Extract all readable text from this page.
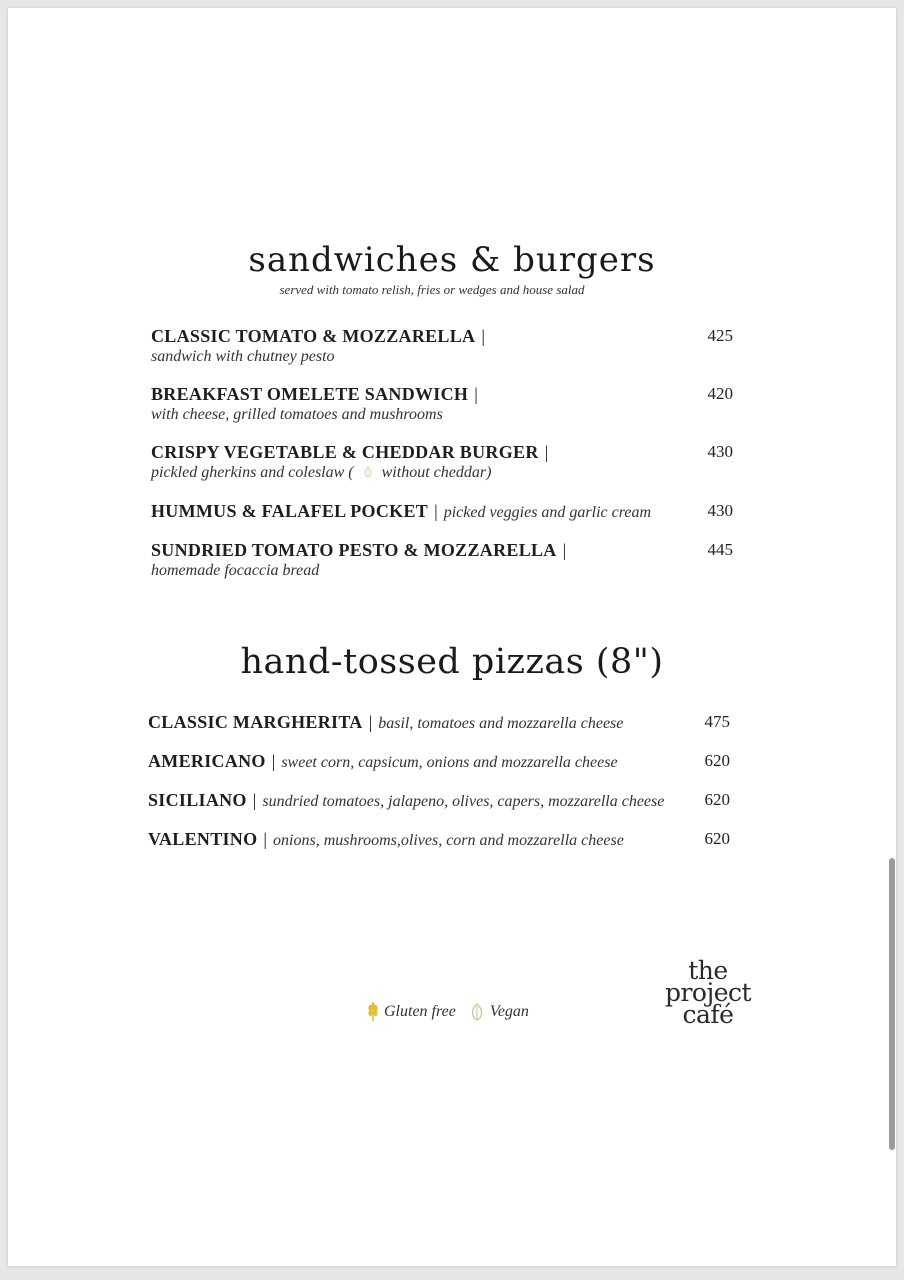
sandwiches & burgers
served with tomato relish, fries or wedges and house salad
CLASSIC TOMATO & MOZZARELLA |
sandwich with chutney pesto
425
BREAKFAST OMELETE SANDWICH |
with cheese, grilled tomatoes and mushrooms
420
CRISPY VEGETABLE & CHEDDAR BURGER |
pickled gherkins and coleslaw ( without cheddar)
430
HUMMUS & FALAFEL POCKET | picked veggies and garlic cream	430
SUNDRIED TOMATO PESTO & MOZZARELLA |
homemade focaccia bread
445
hand-tossed pizzas (8")
CLASSIC MARGHERITA | basil, tomatoes and mozzarella cheese	475
AMERICANO | sweet corn, capsicum, onions and mozzarella cheese	620
SICILIANO | sundried tomatoes, jalapeno, olives, capers, mozzarella cheese 620
VALENTINO | onions, mushrooms,olives, corn and mozzarella cheese	620
Gluten free Vegan
the
project
café
